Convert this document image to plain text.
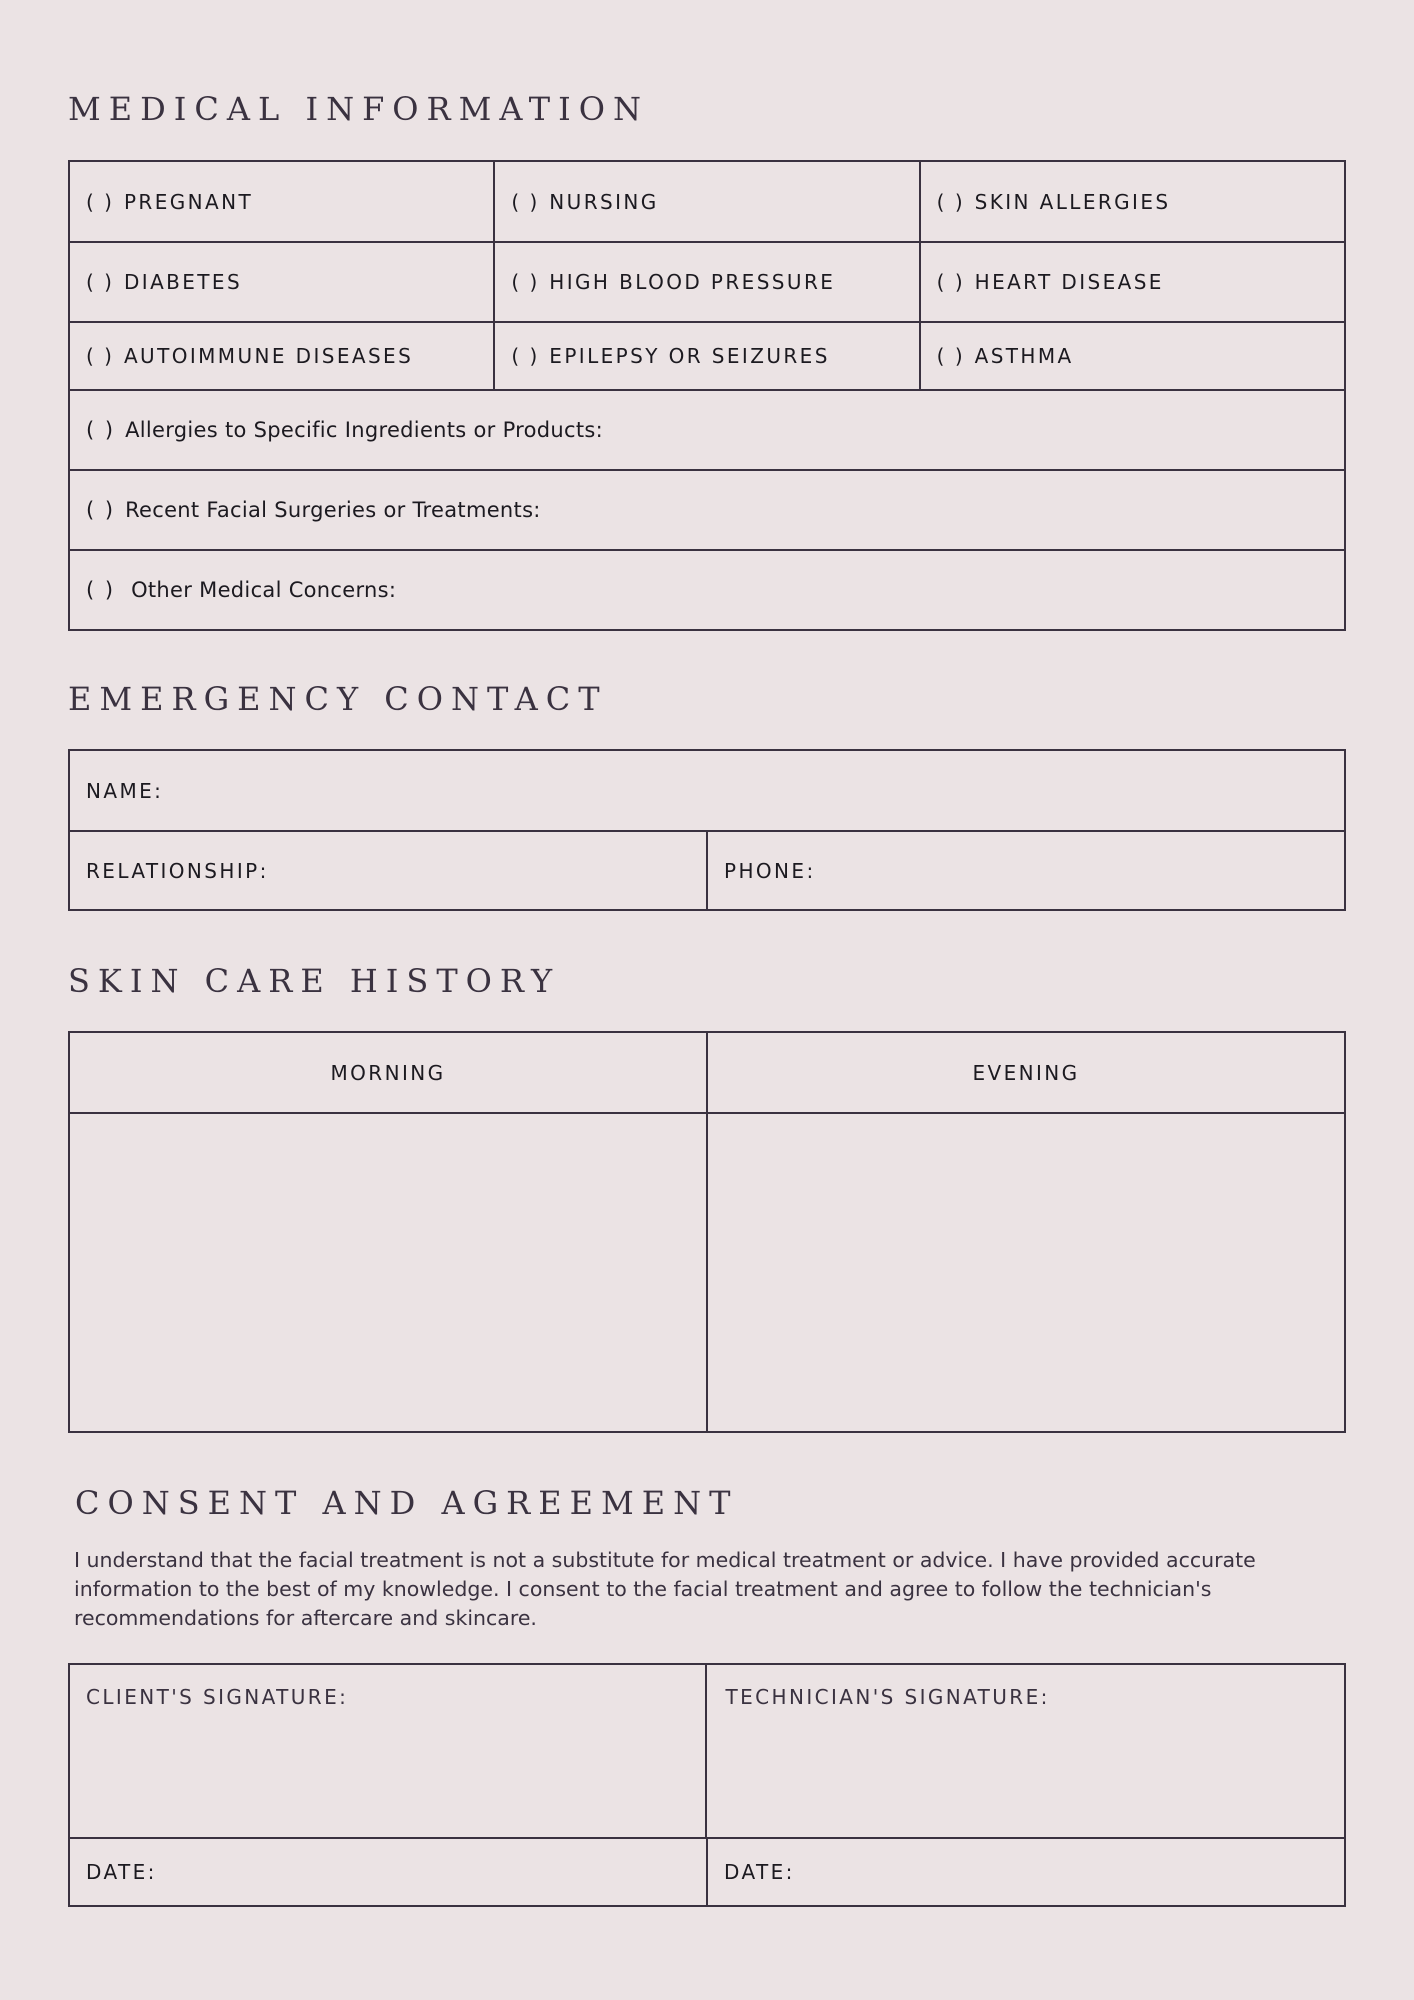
MEDICAL INFORMATION
( ) PREGNANT	( ) NURSING	( ) SKIN ALLERGIES
( ) DIABETES	( ) HIGH BLOOD PRESSURE	( ) HEART DISEASE
( ) AUTOIMMUNE DISEASES	( ) EPILEPSY OR SEIZURES	( ) ASTHMA
( ) Allergies to Specific Ingredients or Products:
( ) Recent Facial Surgeries or Treatments:
( ) Other Medical Concerns:
EMERGENCY CONTACT
NAME:
RELATIONSHIP:	PHONE:
SKIN CARE HISTORY
MORNING	EVENING
CONSENT AND AGREEMENT

I understand that the facial treatment is not a substitute for medical treatment or advice. I have provided accurate information to the best of my knowledge. I consent to the facial treatment and agree to follow the technician's recommendations for aftercare and skincare.

CLIENT'S SIGNATURE:	TECHNICIAN'S SIGNATURE:
DATE:	DATE:
